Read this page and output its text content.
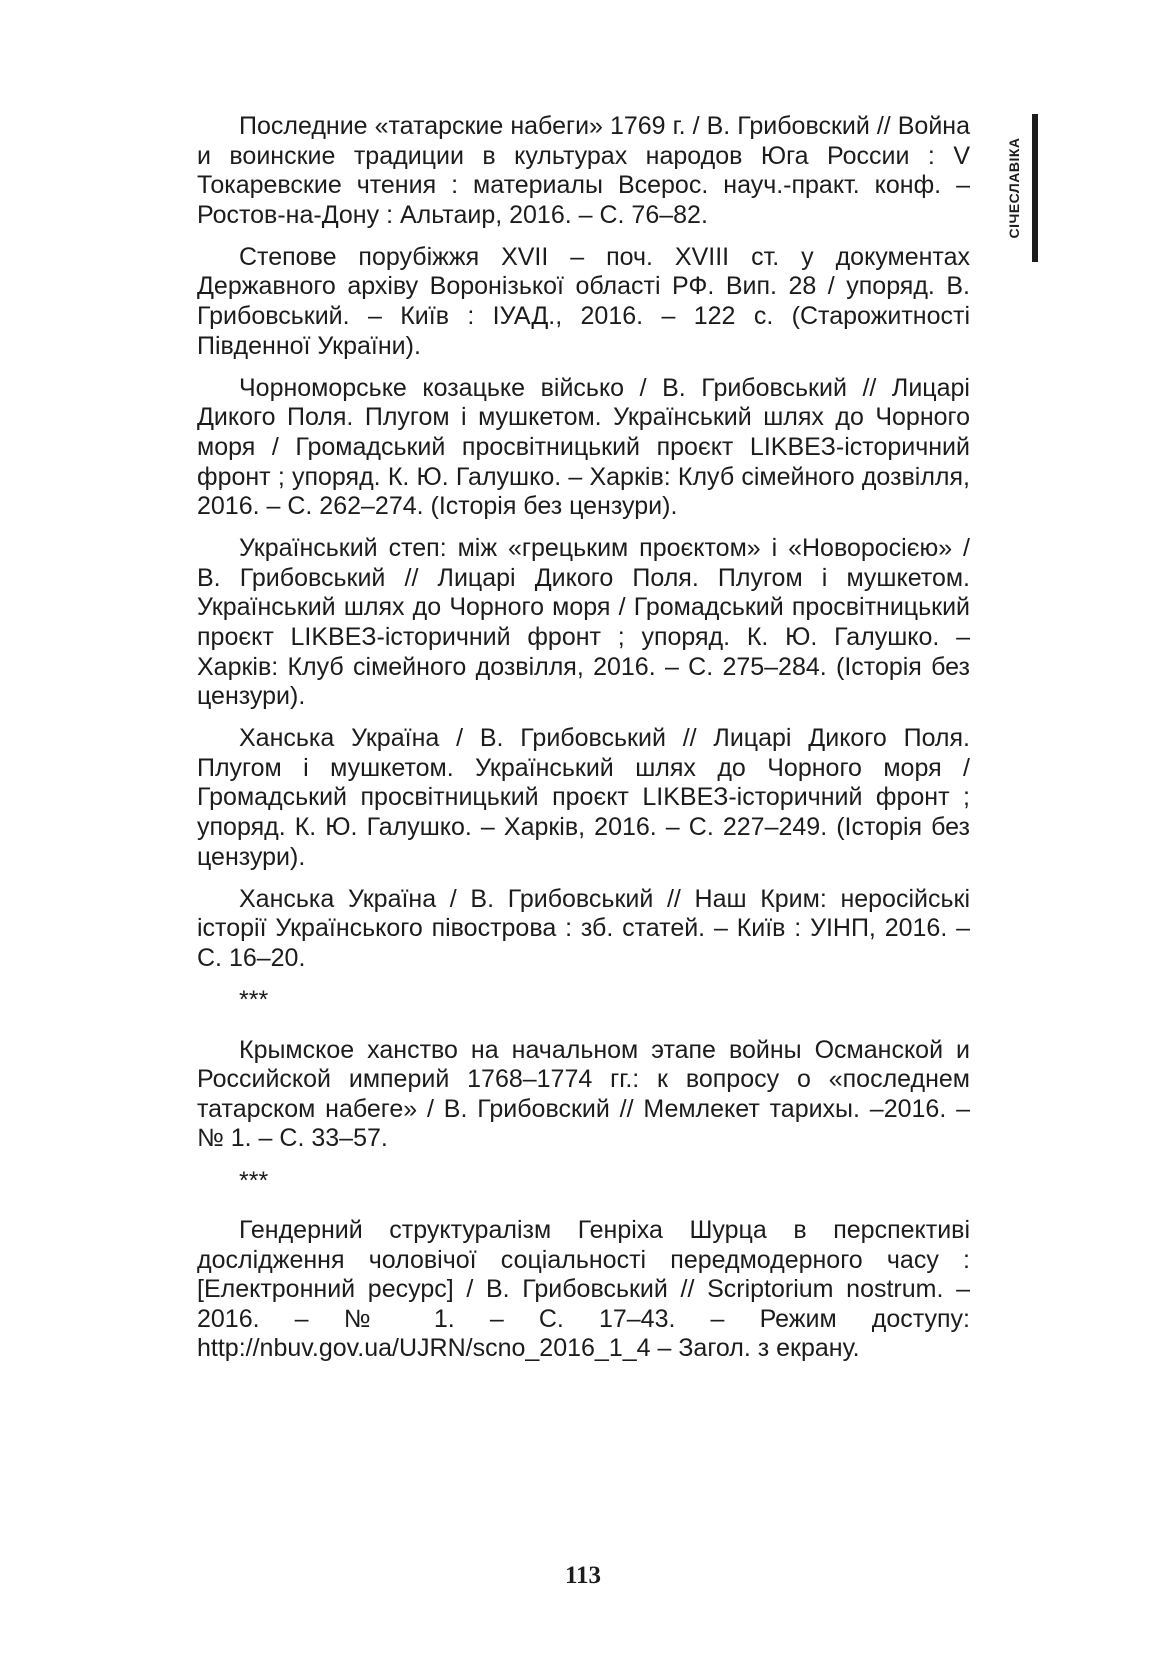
Последние «татарские набеги» 1769 г. / В. Грибовский // Война и воинские традиции в культурах народов Юга России : V Токаревские чтения : материалы Всерос. науч.-практ. конф. – Ростов-на-Дону : Альтаир, 2016. – С. 76–82.

Степове порубіжжя XVII – поч. XVIII ст. у документах Державного архіву Воронізької області РФ. Вип. 28 / упоряд. В. Грибовський. – Київ : ІУАД., 2016. – 122 с. (Старожитності Південної України).

Чорноморське козацьке військо / В. Грибовський // Лицарі Дикого Поля. Плугом і мушкетом. Український шлях до Чорного моря / Громадський просвітницький проєкт LIKBEЗ-історичний фронт ; упоряд. К. Ю. Галушко. – Харків: Клуб сімейного дозвілля, 2016. – С. 262–274. (Історія без цензури).

Український степ: між «грецьким проєктом» і «Новоросією» / В. Грибовський // Лицарі Дикого Поля. Плугом і мушкетом. Український шлях до Чорного моря / Громадський просвітницький проєкт LIKBEЗ-історичний фронт ; упоряд. К. Ю. Галушко. – Харків: Клуб сімейного дозвілля, 2016. – С. 275–284. (Історія без цензури).

Ханська Україна / В. Грибовський // Лицарі Дикого Поля. Плугом і мушкетом. Український шлях до Чорного моря / Громадський просвітницький проєкт LIKBEЗ-історичний фронт ; упоряд. К. Ю. Галушко. – Харків, 2016. – С. 227–249. (Історія без цензури).

Ханська Україна / В. Грибовський // Наш Крим: неросійські історії Українського півострова : зб. статей. – Київ : УІНП, 2016. – С. 16–20.

***

Крымское ханство на начальном этапе войны Османской и Российской империй 1768–1774 гг.: к вопросу о «последнем татарском набеге» / В. Грибовский // Мемлекет тарихы. –2016. – № 1. – С. 33–57.

***

Гендерний структуралізм Генріха Шурца в перспективі дослідження чоловічої соціальності передмодерного часу : [Електронний ресурс] / В. Грибовський // Scriptorium nostrum. – 2016. – № 1. – С. 17–43. – Режим доступу: http://nbuv.gov.ua/UJRN/scno_2016_1_4 – Загол. з екрану.

СІЧЕСЛАВІКА
113
